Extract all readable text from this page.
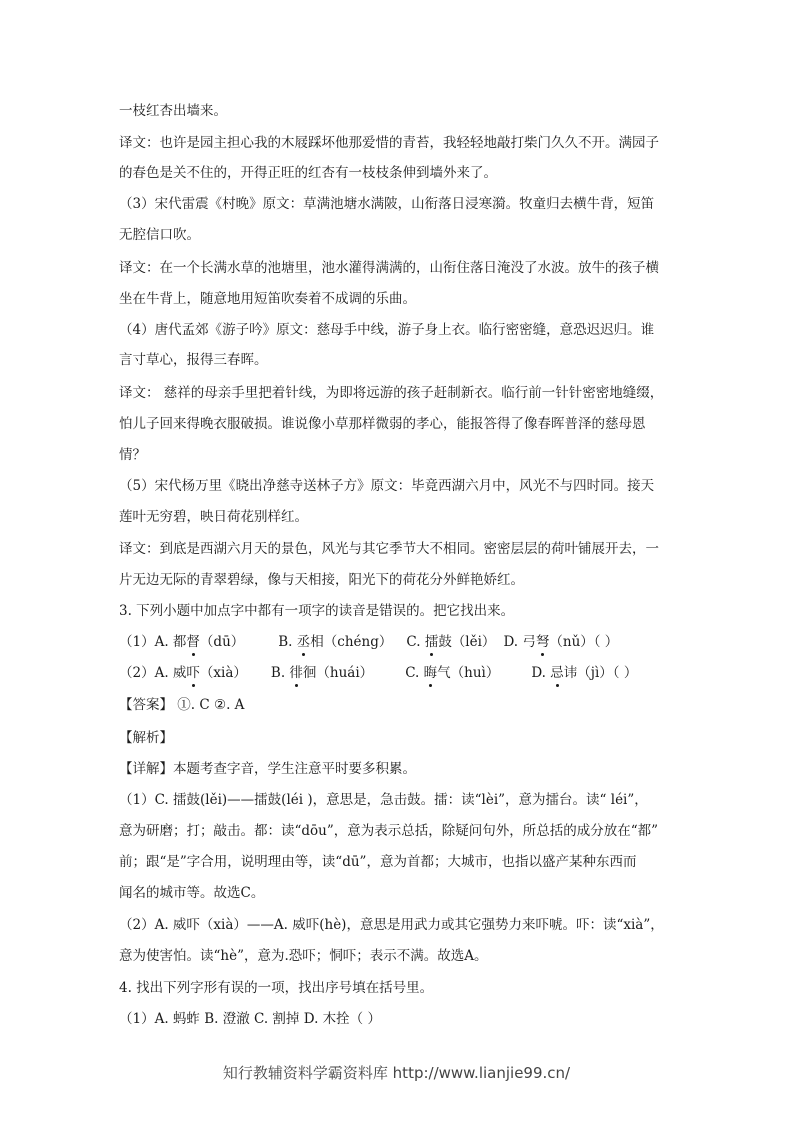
一枝红杏出墙来。
译文：也许是园主担心我的木屐踩坏他那爱惜的青苔，我轻轻地敲打柴门久久不开。满园子
的春色是关不住的，开得正旺的红杏有一枝枝条伸到墙外来了。
（3）宋代雷震《村晚》原文：草满池塘水满陂，山衔落日浸寒漪。牧童归去横牛背，短笛
无腔信口吹。
译文：在一个长满水草的池塘里，池水灌得满满的，山衔住落日淹没了水波。放牛的孩子横
坐在牛背上，随意地用短笛吹奏着不成调的乐曲。
（4）唐代孟郊《游子吟》原文：慈母手中线，游子身上衣。临行密密缝，意恐迟迟归。谁
言寸草心，报得三春晖。
译文： 慈祥的母亲手里把着针线，为即将远游的孩子赶制新衣。临行前一针针密密地缝缀，
怕儿子回来得晚衣服破损。谁说像小草那样微弱的孝心，能报答得了像春晖普泽的慈母恩
情？
（5）宋代杨万里《晓出净慈寺送林子方》原文：毕竟西湖六月中，风光不与四时同。接天
莲叶无穷碧，映日荷花别样红。
译文：到底是西湖六月天的景色，风光与其它季节大不相同。密密层层的荷叶铺展开去，一
片无边无际的青翠碧绿，像与天相接，阳光下的荷花分外鲜艳娇红。
3. 下列小题中加点字中都有一项字的读音是错误的。把它找出来。
（1）A. 都督（dū）	B. 丞相（chéng） C. 擂鼓（lěi） D. 弓弩（nǔ）（ ）
（2）A. 威吓（xià） B. 徘徊（huái） C. 晦气（huì） D. 忌讳（jì）（ ）
【答案】 ①. C ②. A
【解析】
【详解】本题考查字音，学生注意平时要多积累。
（1）C. 擂鼓(lěi)——擂鼓(léi )，意思是，急击鼓。擂：读“lèi”，意为擂台。读“ léi”，
意为研磨；打；敲击。都：读“dōu”，意为表示总括，除疑问句外，所总括的成分放在“都”
前；跟“是”字合用，说明理由等，读“dū”，意为首都；大城市，也指以盛产某种东西而
闻名的城市等。故选C。
（2）A. 威吓（xià）——A. 威吓(hè)，意思是用武力或其它强势力来吓唬。吓：读“xià”，
意为使害怕。读“hè”，意为.恐吓；恫吓；表示不满。故选A。
4. 找出下列字形有误的一项，找出序号填在括号里。
（1）A. 蚂蚱 B. 澄澈 C. 割掉 D. 木拴（ ）
知行教辅资料学霸资料库 http://www.lianjie99.cn/
